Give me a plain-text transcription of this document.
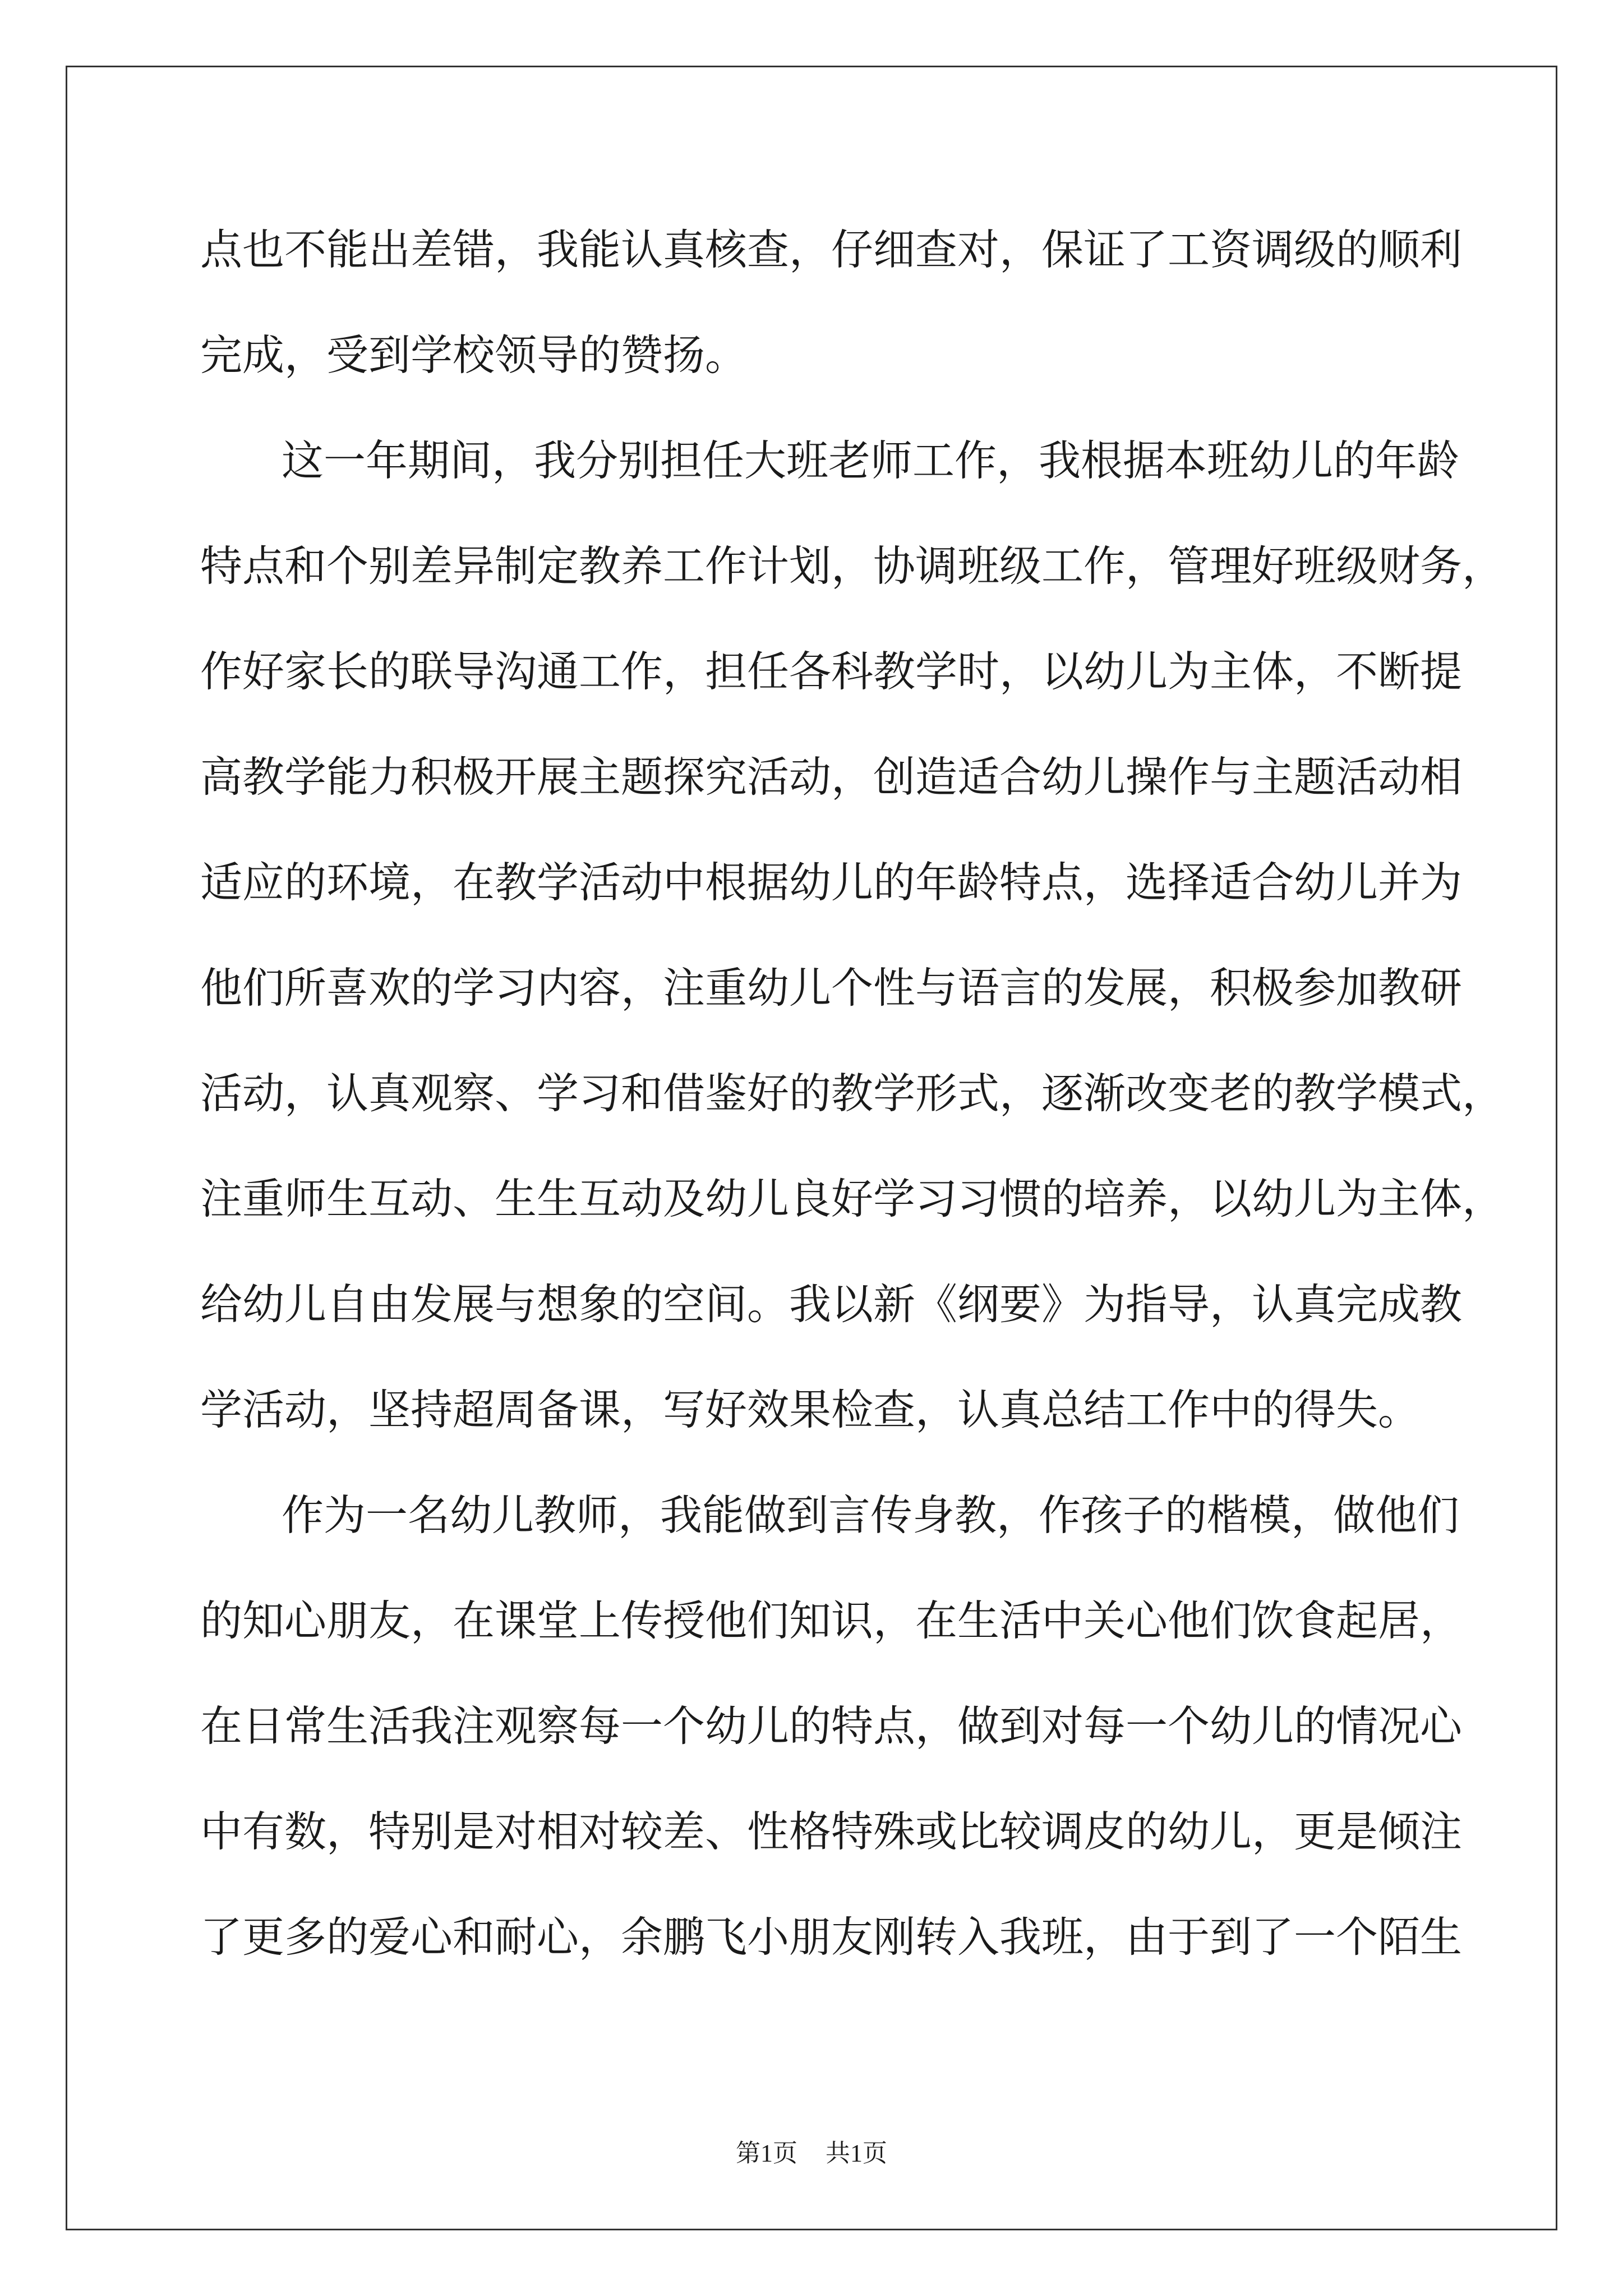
点也不能出差错，我能认真核查，仔细查对，保证了工资调级的顺利
完成，受到学校领导的赞扬。
这一年期间，我分别担任大班老师工作，我根据本班幼儿的年龄
特点和个别差异制定教养工作计划，协调班级工作，管理好班级财务，
作好家长的联导沟通工作，担任各科教学时，以幼儿为主体，不断提
高教学能力积极开展主题探究活动，创造适合幼儿操作与主题活动相
适应的环境，在教学活动中根据幼儿的年龄特点，选择适合幼儿并为
他们所喜欢的学习内容，注重幼儿个性与语言的发展，积极参加教研
活动，认真观察、学习和借鉴好的教学形式，逐渐改变老的教学模式，
注重师生互动、生生互动及幼儿良好学习习惯的培养，以幼儿为主体，
给幼儿自由发展与想象的空间。我以新《纲要》为指导，认真完成教
学活动，坚持超周备课，写好效果检查，认真总结工作中的得失。
作为一名幼儿教师，我能做到言传身教，作孩子的楷模，做他们
的知心朋友，在课堂上传授他们知识，在生活中关心他们饮食起居，
在日常生活我注观察每一个幼儿的特点，做到对每一个幼儿的情况心
中有数，特别是对相对较差、性格特殊或比较调皮的幼儿，更是倾注
了更多的爱心和耐心，余鹏飞小朋友刚转入我班，由于到了一个陌生
第1页 共1页
